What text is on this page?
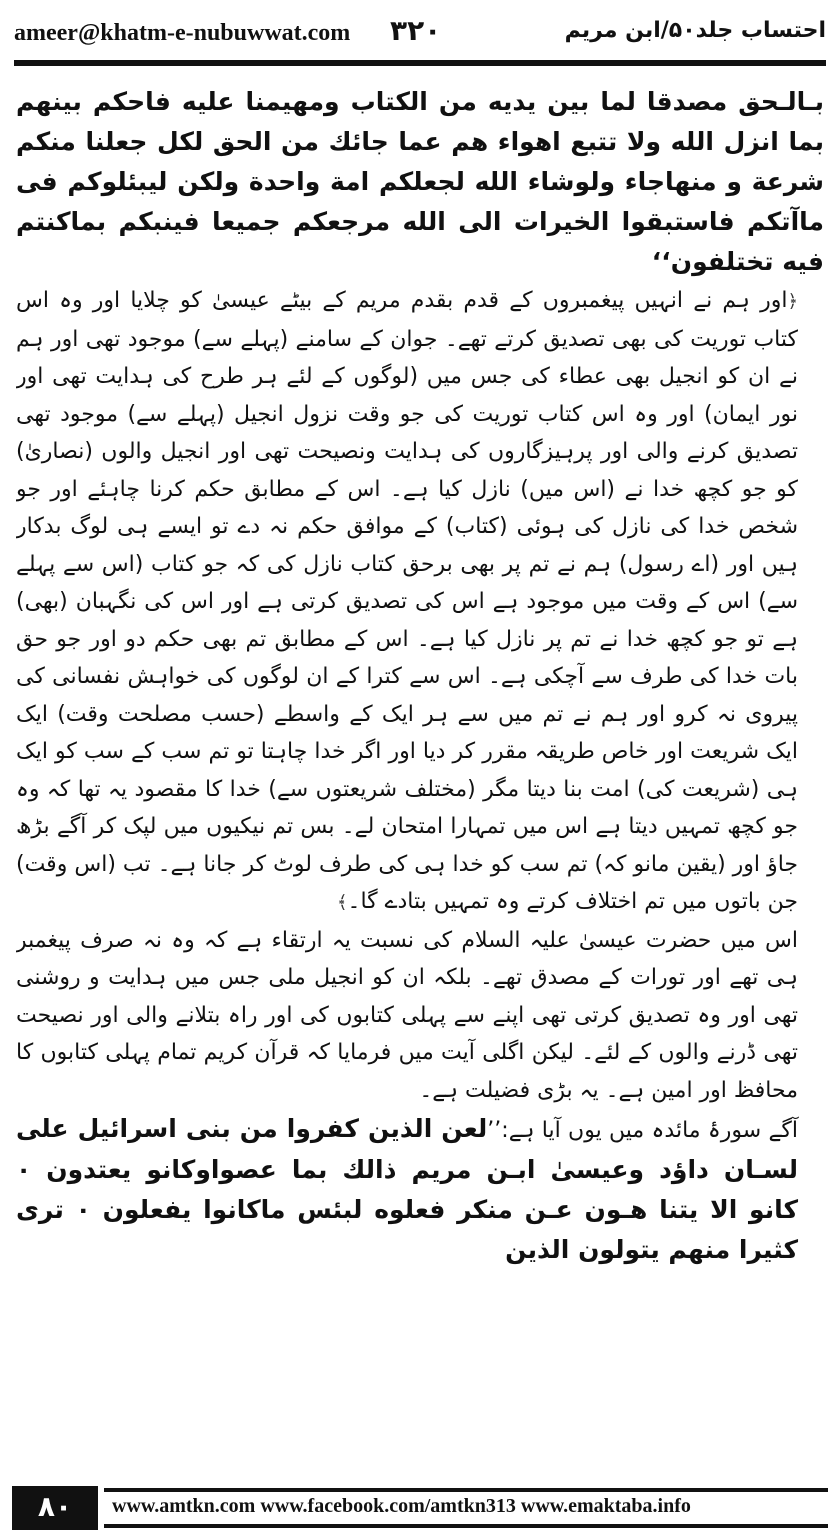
ameer@khatm-e-nubuwwat.com ۳۲۰	احتساب جلد۵۰/ابن مریم

بـالـحق مصدقا لما بين يديه من الكتاب ومهيمنا عليه فاحكم بينهم بما انزل الله ولا تتبع اهواء هم عما جائك من الحق لكل جعلنا منكم شرعة و منهاجاء ولوشاء الله لجعلكم امة واحدة ولكن ليبئلوكم فى ماآتكم فاستبقوا الخيرات الى الله مرجعكم جميعا فينبكم بماكنتم فيه تختلفون‘‘

﴿اور ہم نے انہیں پیغمبروں کے قدم بقدم مریم کے بیٹے عیسیٰ کو چلایا اور وہ اس کتاب توریت کی بھی تصدیق کرتے تھے۔ جوان کے سامنے (پہلے سے) موجود تھی اور ہم نے ان کو انجیل بھی عطاء کی جس میں (لوگوں کے لئے ہر طرح کی ہدایت تھی اور نور ایمان) اور وہ اس کتاب توریت کی جو وقت نزول انجیل (پہلے سے) موجود تھی تصدیق کرنے والی اور پرہیزگاروں کی ہدایت ونصیحت تھی اور انجیل والوں (نصاریٰ) کو جو کچھ خدا نے (اس میں) نازل کیا ہے۔ اس کے مطابق حکم کرنا چاہئے اور جو شخص خدا کی نازل کی ہوئی (کتاب) کے موافق حکم نہ دے تو ایسے ہی لوگ بدکار ہیں اور (اے رسول) ہم نے تم پر بھی برحق کتاب نازل کی کہ جو کتاب (اس سے پہلے سے) اس کے وقت میں موجود ہے اس کی تصدیق کرتی ہے اور اس کی نگہبان (بھی) ہے تو جو کچھ خدا نے تم پر نازل کیا ہے۔ اس کے مطابق تم بھی حکم دو اور جو حق بات خدا کی طرف سے آچکی ہے۔ اس سے کترا کے ان لوگوں کی خواہش نفسانی کی پیروی نہ کرو اور ہم نے تم میں سے ہر ایک کے واسطے (حسب مصلحت وقت) ایک ایک شریعت اور خاص طریقہ مقرر کر دیا اور اگر خدا چاہتا تو تم سب کے سب کو ایک ہی (شریعت کی) امت بنا دیتا مگر (مختلف شریعتوں سے) خدا کا مقصود یہ تھا کہ وہ جو کچھ تمہیں دیتا ہے اس میں تمہارا امتحان لے۔ بس تم نیکیوں میں لپک کر آگے بڑھ جاؤ اور (یقین مانو کہ) تم سب کو خدا ہی کی طرف لوٹ کر جانا ہے۔ تب (اس وقت) جن باتوں میں تم اختلاف کرتے وہ تمہیں بتادے گا۔﴾

اس میں حضرت عیسیٰ علیہ السلام کی نسبت یہ ارتقاء ہے کہ وہ نہ صرف پیغمبر ہی تھے اور تورات کے مصدق تھے۔ بلکہ ان کو انجیل ملی جس میں ہدایت و روشنی تھی اور وہ تصدیق کرتی تھی اپنے سے پہلی کتابوں کی اور راہ بتلانے والی اور نصیحت تھی ڈرنے والوں کے لئے۔ لیکن اگلی آیت میں فرمایا کہ قرآن کریم تمام پہلی کتابوں کا محافظ اور امین ہے۔ یہ بڑی فضیلت ہے۔

آگے سورۂ مائدہ میں یوں آیا ہے:’’لعن الذين كفروا من بنى اسرائيل على لسـان داؤد وعيسىٰ ابـن مريم ذالك بما عصواوكانو يعتدون ۰ كانو الا يتنا هـون عـن منكر فعلوه لبئس ماكانوا يفعلون ۰ ترى كثيرا منهم يتولون الذين

۸۰	www.amtkn.com www.facebook.com/amtkn313 www.emaktaba.info
